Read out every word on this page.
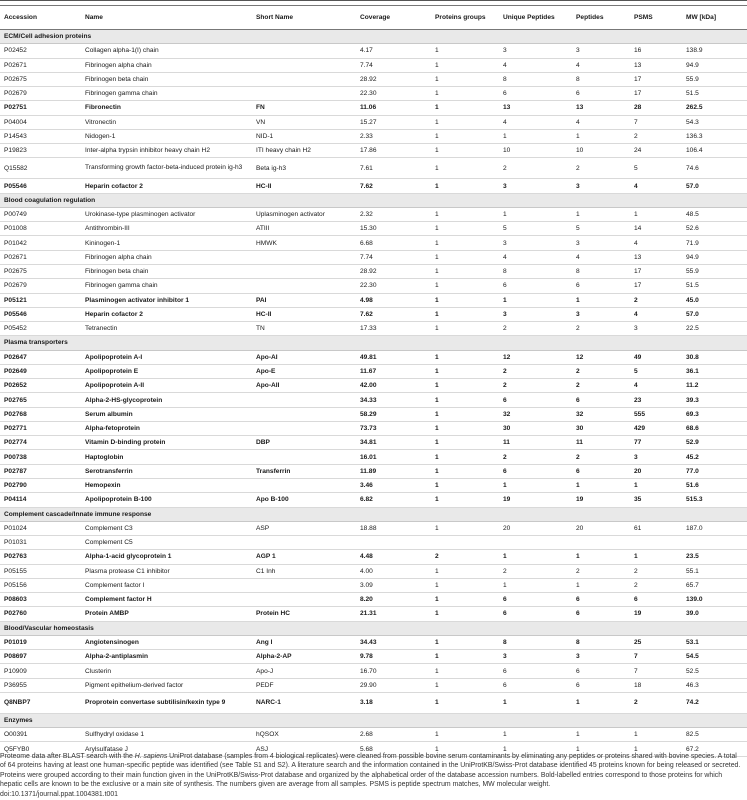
Accession	Name	Short Name	Coverage	Proteins groups	Unique Peptides	Peptides	PSMS	MW [kDa]
ECM/Cell adhesion proteins								
P02452	Collagen alpha-1(I) chain		4.17	1	3	3	16	138.9
P02671	Fibrinogen alpha chain		7.74	1	4	4	13	94.9
P02675	Fibrinogen beta chain		28.92	1	8	8	17	55.9
P02679	Fibrinogen gamma chain		22.30	1	6	6	17	51.5
P02751	Fibronectin	FN	11.06	1	13	13	28	262.5
P04004	Vitronectin	VN	15.27	1	4	4	7	54.3
P14543	Nidogen-1	NID-1	2.33	1	1	1	2	136.3
P19823	Inter-alpha trypsin inhibitor heavy chain H2	ITI heavy chain H2	17.86	1	10	10	24	106.4
Q15582	Transforming growth factor-beta-induced protein ig-h3	Beta ig-h3	7.61	1	2	2	5	74.6
P05546	Heparin cofactor 2	HC-II	7.62	1	3	3	4	57.0
Blood coagulation regulation								
P00749	Urokinase-type plasminogen activator	Uplasminogen activator	2.32	1	1	1	1	48.5
P01008	Antithrombin-III	ATIII	15.30	1	5	5	14	52.6
P01042	Kininogen-1	HMWK	6.68	1	3	3	4	71.9
P02671	Fibrinogen alpha chain		7.74	1	4	4	13	94.9
P02675	Fibrinogen beta chain		28.92	1	8	8	17	55.9
P02679	Fibrinogen gamma chain		22.30	1	6	6	17	51.5
P05121	Plasminogen activator inhibitor 1	PAI	4.98	1	1	1	2	45.0
P05546	Heparin cofactor 2	HC-II	7.62	1	3	3	4	57.0
P05452	Tetranectin	TN	17.33	1	2	2	3	22.5
Plasma transporters								
P02647	Apolipoprotein A-I	Apo-AI	49.81	1	12	12	49	30.8
P02649	Apolipoprotein E	Apo-E	11.67	1	2	2	5	36.1
P02652	Apolipoprotein A-II	Apo-AII	42.00	1	2	2	4	11.2
P02765	Alpha-2-HS-glycoprotein		34.33	1	6	6	23	39.3
P02768	Serum albumin		58.29	1	32	32	555	69.3
P02771	Alpha-fetoprotein		73.73	1	30	30	429	68.6
P02774	Vitamin D-binding protein	DBP	34.81	1	11	11	77	52.9
P00738	Haptoglobin		16.01	1	2	2	3	45.2
P02787	Serotransferrin	Transferrin	11.89	1	6	6	20	77.0
P02790	Hemopexin		3.46	1	1	1	1	51.6
P04114	Apolipoprotein B-100	Apo B-100	6.82	1	19	19	35	515.3
Complement cascade/Innate immune response								
P01024	Complement C3	ASP	18.88	1	20	20	61	187.0
P01031	Complement C5							
P02763	Alpha-1-acid glycoprotein 1	AGP 1	4.48	2	1	1	1	23.5
P05155	Plasma protease C1 inhibitor	C1 Inh	4.00	1	2	2	2	55.1
P05156	Complement factor I		3.09	1	1	1	2	65.7
P08603	Complement factor H		8.20	1	6	6	6	139.0
P02760	Protein AMBP	Protein HC	21.31	1	6	6	19	39.0
Blood/Vascular homeostasis								
P01019	Angiotensinogen	Ang I	34.43	1	8	8	25	53.1
P08697	Alpha-2-antiplasmin	Alpha-2-AP	9.78	1	3	3	7	54.5
P10909	Clusterin	Apo-J	16.70	1	6	6	7	52.5
P36955	Pigment epithelium-derived factor	PEDF	29.90	1	6	6	18	46.3
Q8NBP7	Proprotein convertase subtilisin/kexin type 9	NARC-1	3.18	1	1	1	2	74.2
Enzymes								
O00391	Sulfhydryl oxidase 1	hQSOX	2.68	1	1	1	1	82.5
Q5FYB0	Arylsulfatase J	ASJ	5.68	1	1	1	1	67.2
Proteome data after BLAST search with the H. sapiens UniProt database (samples from 4 biological replicates) were cleaned from possible bovine serum contaminants by eliminating any peptides or proteins shared with bovine species. A total of 64 proteins having at least one human-specific peptide was identified (see Table S1 and S2). A literature search and the information contained in the UniProtKB/Swiss-Prot database identified 45 proteins known for being released or secreted. Proteins were grouped according to their main function given in the UniProtKB/Swiss-Prot database and organized by the alphabetical order of the database accession numbers. Bold-labelled entries correspond to those proteins for which hepatic cells are known to be the exclusive or a main site of synthesis. The numbers given are average from all samples. PSMS is peptide spectrum matches, MW molecular weight.
doi:10.1371/journal.ppat.1004381.t001
